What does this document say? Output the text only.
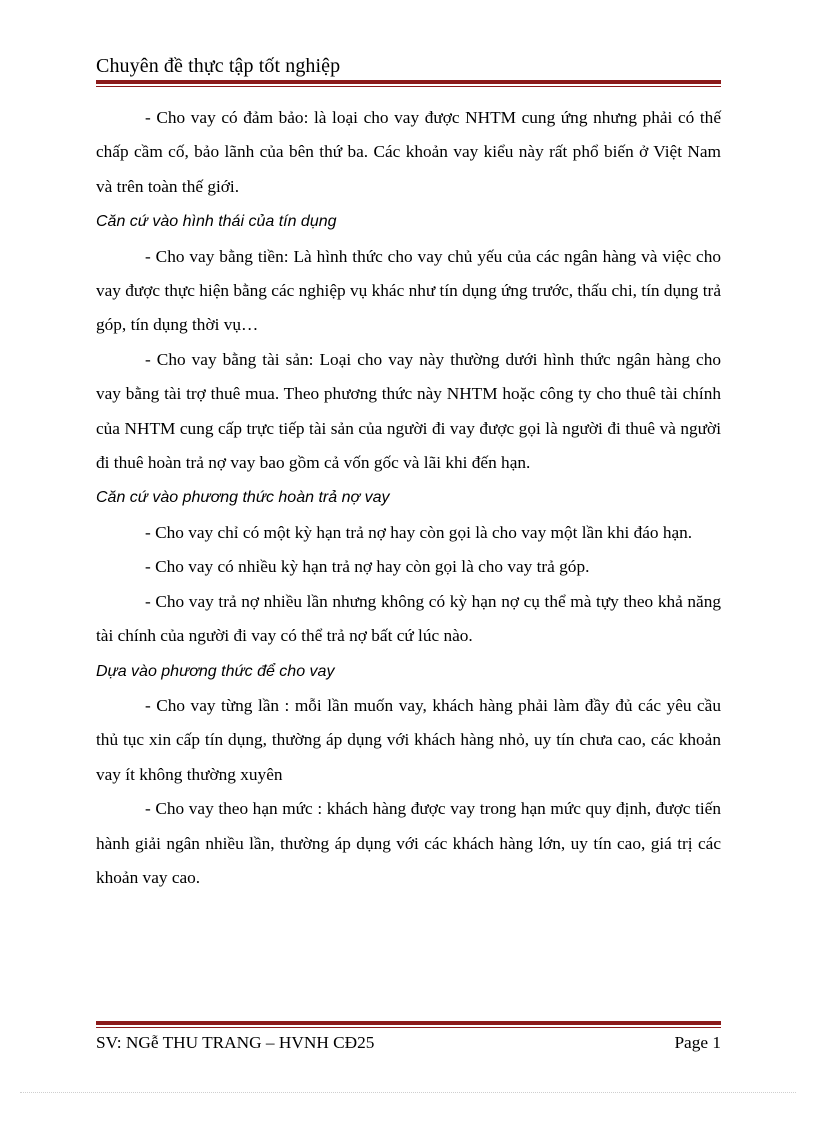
Chuyên đề thực tập tốt nghiệp

- Cho vay có đảm bảo: là loại cho vay được NHTM cung ứng nhưng phải có thế chấp cầm cố, bảo lãnh của bên thứ ba. Các khoản vay kiểu này rất phổ biến ở Việt Nam và trên toàn thế giới.

Căn cứ vào hình thái của tín dụng

- Cho vay bằng tiền: Là hình thức cho vay chủ yếu của các ngân hàng và việc cho vay được thực hiện bằng các nghiệp vụ khác như tín dụng ứng trước, thấu chi, tín dụng trả góp, tín dụng thời vụ…

- Cho vay bằng tài sản: Loại cho vay này thường dưới hình thức ngân hàng cho vay bằng tài trợ thuê mua. Theo phương thức này NHTM hoặc công ty cho thuê tài chính của NHTM cung cấp trực tiếp tài sản của người đi vay được gọi là người đi thuê và người đi thuê hoàn trả nợ vay bao gồm cả vốn gốc và lãi khi đến hạn.

Căn cứ vào phương thức hoàn trả nợ vay

- Cho vay chỉ có một kỳ hạn trả nợ hay còn gọi là cho vay một lần khi đáo hạn.

- Cho vay có nhiều kỳ hạn trả nợ hay còn gọi là cho vay trả góp.

- Cho vay trả nợ nhiều lần nhưng không có kỳ hạn nợ cụ thể mà tựy theo khả năng tài chính của người đi vay có thể trả nợ bất cứ lúc nào.

Dựa vào phương thức để cho vay

- Cho vay từng lần : mỗi lần muốn vay, khách hàng phải làm đầy đủ các yêu cầu thủ tục xin cấp tín dụng, thường áp dụng với khách hàng nhỏ, uy tín chưa cao, các khoản vay ít không thường xuyên

- Cho vay theo hạn mức : khách hàng được vay trong hạn mức quy định, được tiến hành giải ngân nhiều lần, thường áp dụng với các khách hàng lớn, uy tín cao, giá trị các khoản vay cao.

SV: NGễ THU TRANG – HVNH CĐ25	Page 1
